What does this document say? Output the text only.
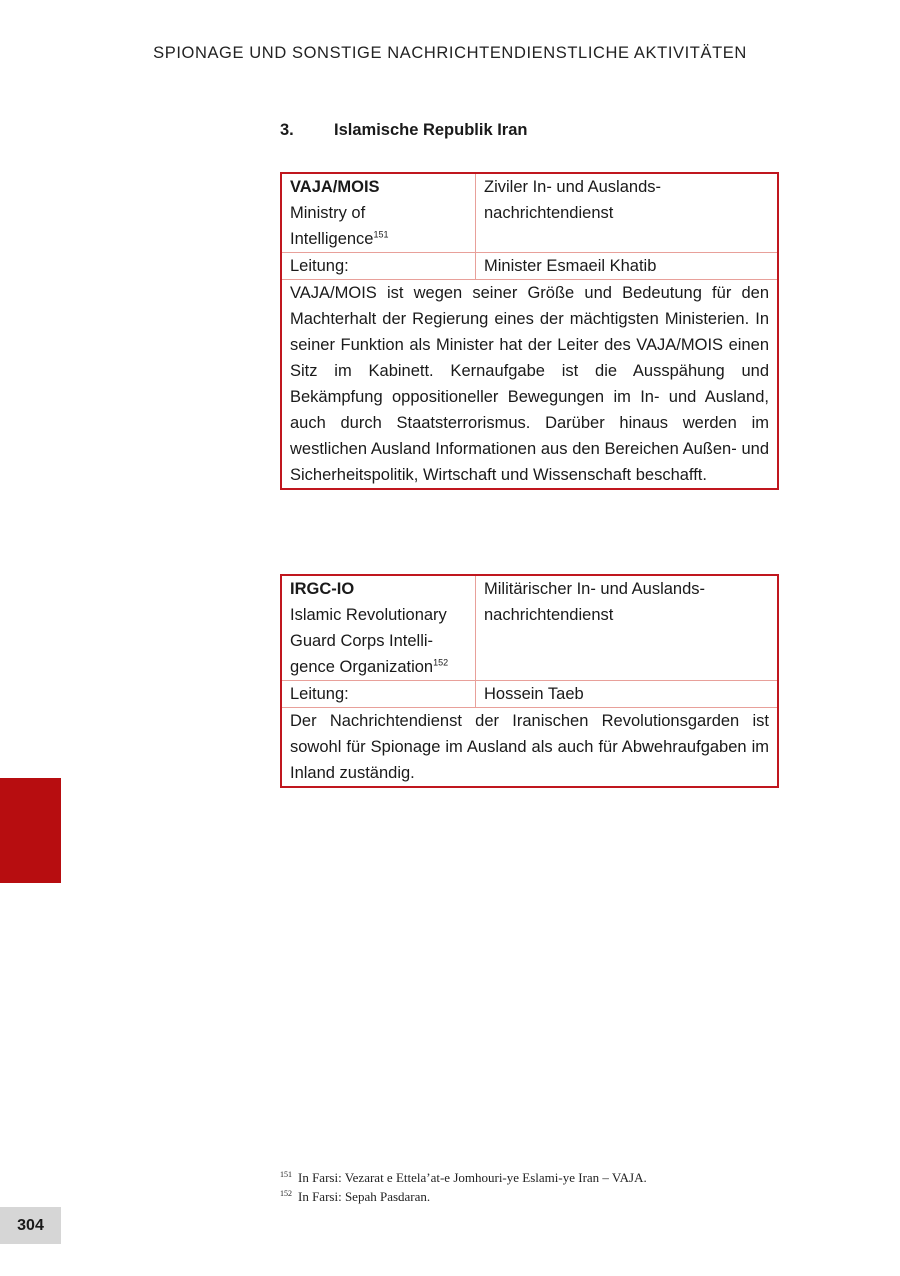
SPIONAGE UND SONSTIGE NACHRICHTENDIENSTLICHE AKTIVITÄTEN
3. Islamische Republik Iran
VAJA/MOIS
Ministry of
Intelligence$^{151}$	Ziviler In- und Auslands-
nachrichtendienst

Leitung:	Minister Esmaeil Khatib
VAJA/MOIS ist wegen seiner Größe und Bedeutung für den Machterhalt der Regierung eines der mächtigsten Ministerien. In seiner Funktion als Minister hat der Leiter des VAJA/MOIS einen Sitz im Kabinett. Kernaufgabe ist die Ausspähung und Bekämpfung oppositioneller Bewegungen im In- und Ausland, auch durch Staatsterrorismus. Darüber hinaus werden im westlichen Ausland Informationen aus den Bereichen Außen- und Sicherheitspolitik, Wirtschaft und Wissenschaft beschafft.	
IRGC-IO
Islamic Revolutionary
Guard Corps Intelli-
gence Organization$^{152}$	Militärischer In- und Auslands-
nachrichtendienst

Leitung:	Hossein Taeb
Der Nachrichtendienst der Iranischen Revolutionsgarden ist sowohl für Spionage im Ausland als auch für Abwehraufgaben im Inland zuständig.	
$^{151}$ In Farsi: Vezarat e Ettela’at-e Jomhouri-ye Eslami-ye Iran – VAJA.
$^{152}$ In Farsi: Sepah Pasdaran.
304
